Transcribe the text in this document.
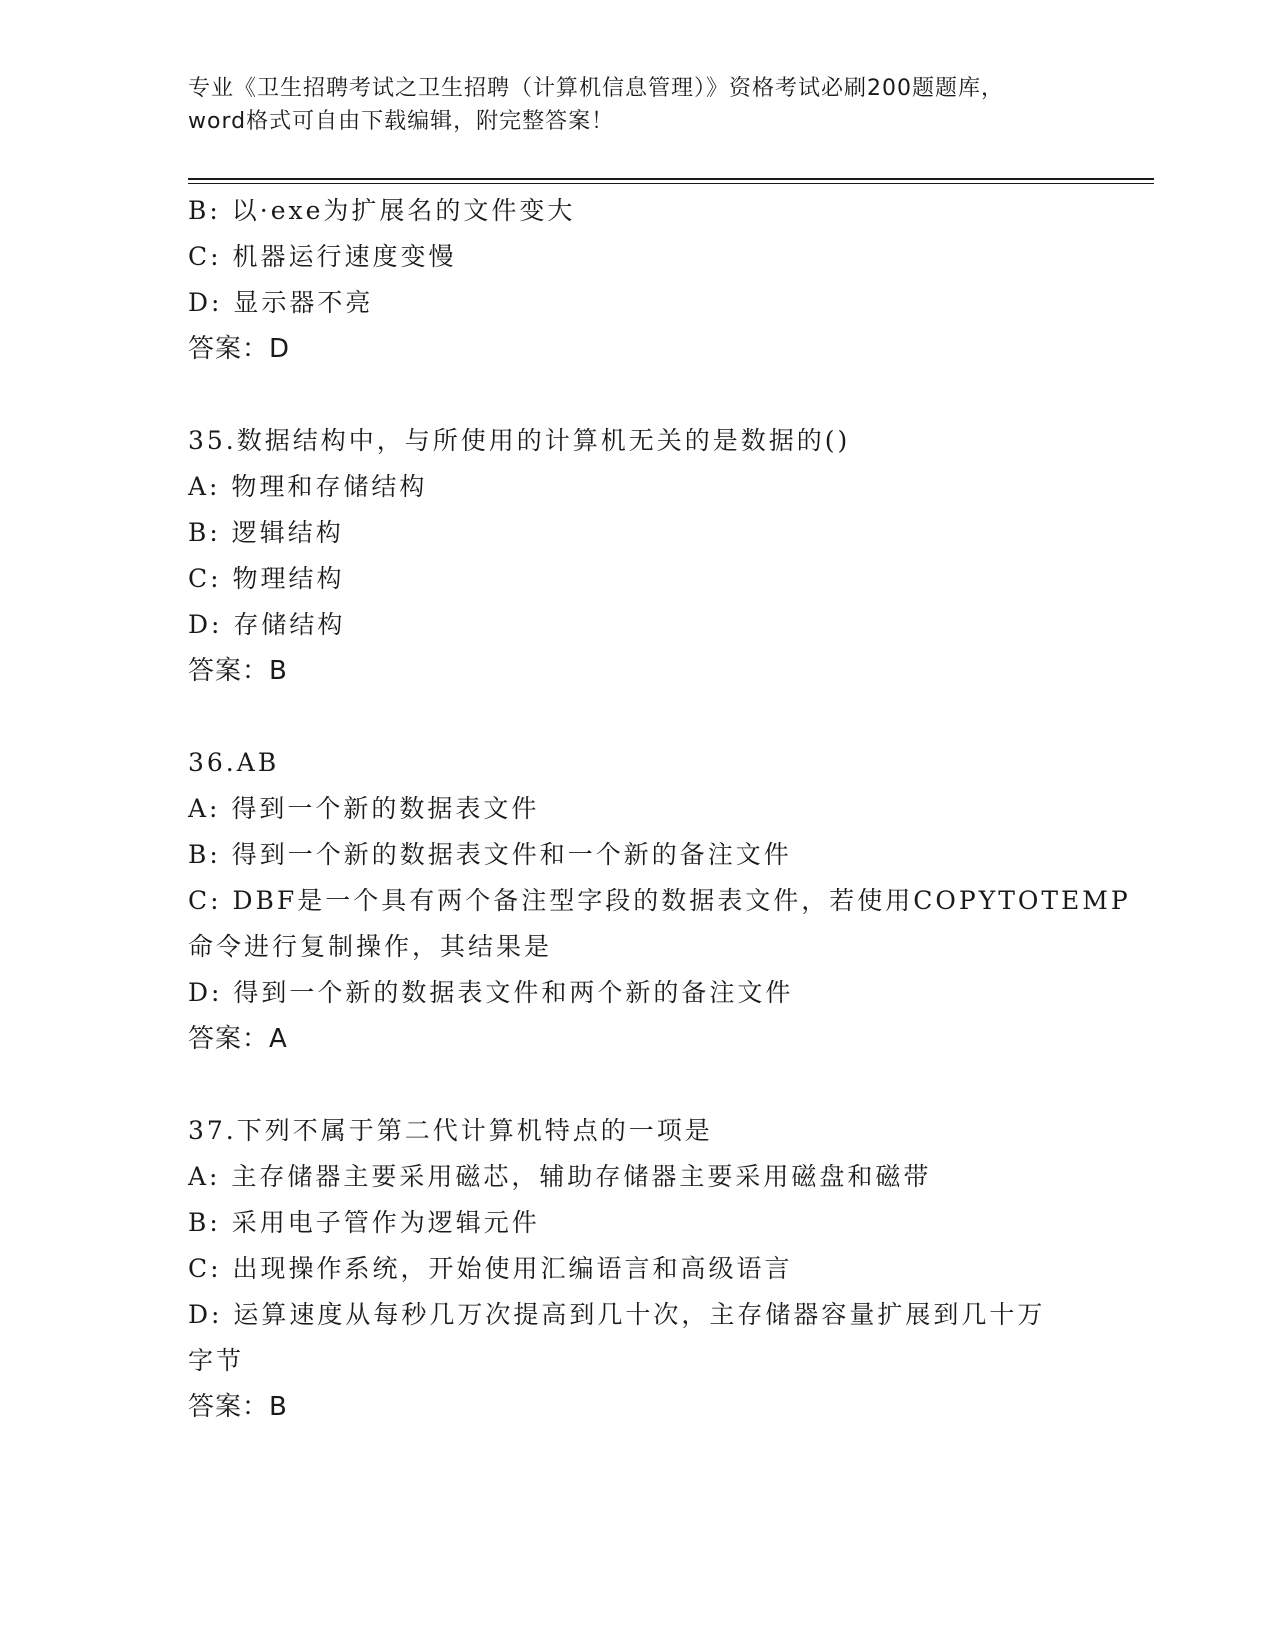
专业《卫生招聘考试之卫生招聘（计算机信息管理）》资格考试必刷200题题库，
word格式可自由下载编辑，附完整答案！
B: 以·exe为扩展名的文件变大
C: 机器运行速度变慢
D: 显示器不亮
答案：D
35.数据结构中，与所使用的计算机无关的是数据的()
A: 物理和存储结构
B: 逻辑结构
C: 物理结构
D: 存储结构
答案：B
36.AB
A: 得到一个新的数据表文件
B: 得到一个新的数据表文件和一个新的备注文件
C: DBF是一个具有两个备注型字段的数据表文件，若使用COPYTOTEMP
命令进行复制操作，其结果是
D: 得到一个新的数据表文件和两个新的备注文件
答案：A
37.下列不属于第二代计算机特点的一项是
A: 主存储器主要采用磁芯，辅助存储器主要采用磁盘和磁带
B: 采用电子管作为逻辑元件
C: 出现操作系统，开始使用汇编语言和高级语言
D: 运算速度从每秒几万次提高到几十次，主存储器容量扩展到几十万
字节
答案：B
